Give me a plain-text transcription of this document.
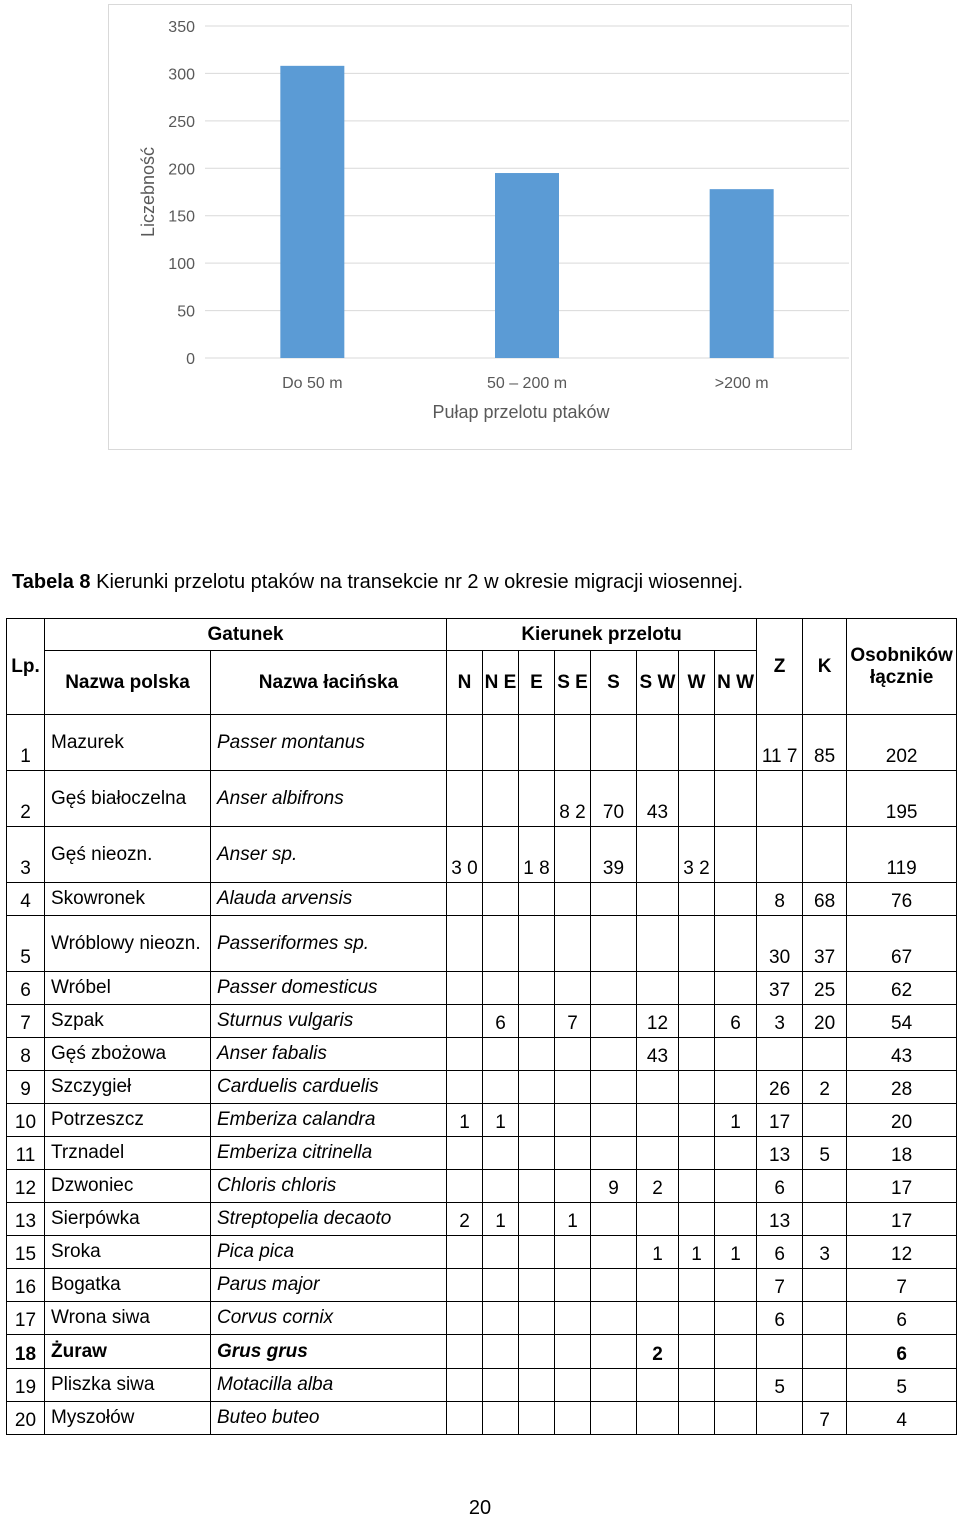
0
50
100
150
200
250
300
350
Do 50 m	50 – 200 m	>200 m
Pułap przelotu ptaków
Liczebność
Tabela 8 Kierunki przelotu ptaków na transekcie nr 2 w okresie migracji wiosennej.
Lp.	Gatunek		Kierunek przelotu								Z	K	Osobników łącznie
	Nazwa polska	Nazwa łacińska	N	N E	E	S E	S	S W	W	N W			
1	Mazurek	Passer montanus									11 7	85	202
2	Gęś białoczelna	Anser albifrons				8 2	70	43					195
3	Gęś nieozn.	Anser sp.	3 0		1 8		39		3 2				119
4	Skowronek	Alauda arvensis									8	68	76
5	Wróblowy nieozn.	Passeriformes sp.									30	37	67
6	Wróbel	Passer domesticus									37	25	62
7	Szpak	Sturnus vulgaris		6		7		12		6	3	20	54
8	Gęś zbożowa	Anser fabalis						43					43
9	Szczygieł	Carduelis carduelis									26	2	28
10	Potrzeszcz	Emberiza calandra	1	1						1	17		20
11	Trznadel	Emberiza citrinella									13	5	18
12	Dzwoniec	Chloris chloris					9	2			6		17
13	Sierpówka	Streptopelia decaoto	2	1		1					13		17
15	Sroka	Pica pica						1	1	1	6	3	12
16	Bogatka	Parus major									7		7
17	Wrona siwa	Corvus cornix									6		6
18	Żuraw	Grus grus						2					6
19	Pliszka siwa	Motacilla alba									5		5
20	Myszołów	Buteo buteo										7	4
20
